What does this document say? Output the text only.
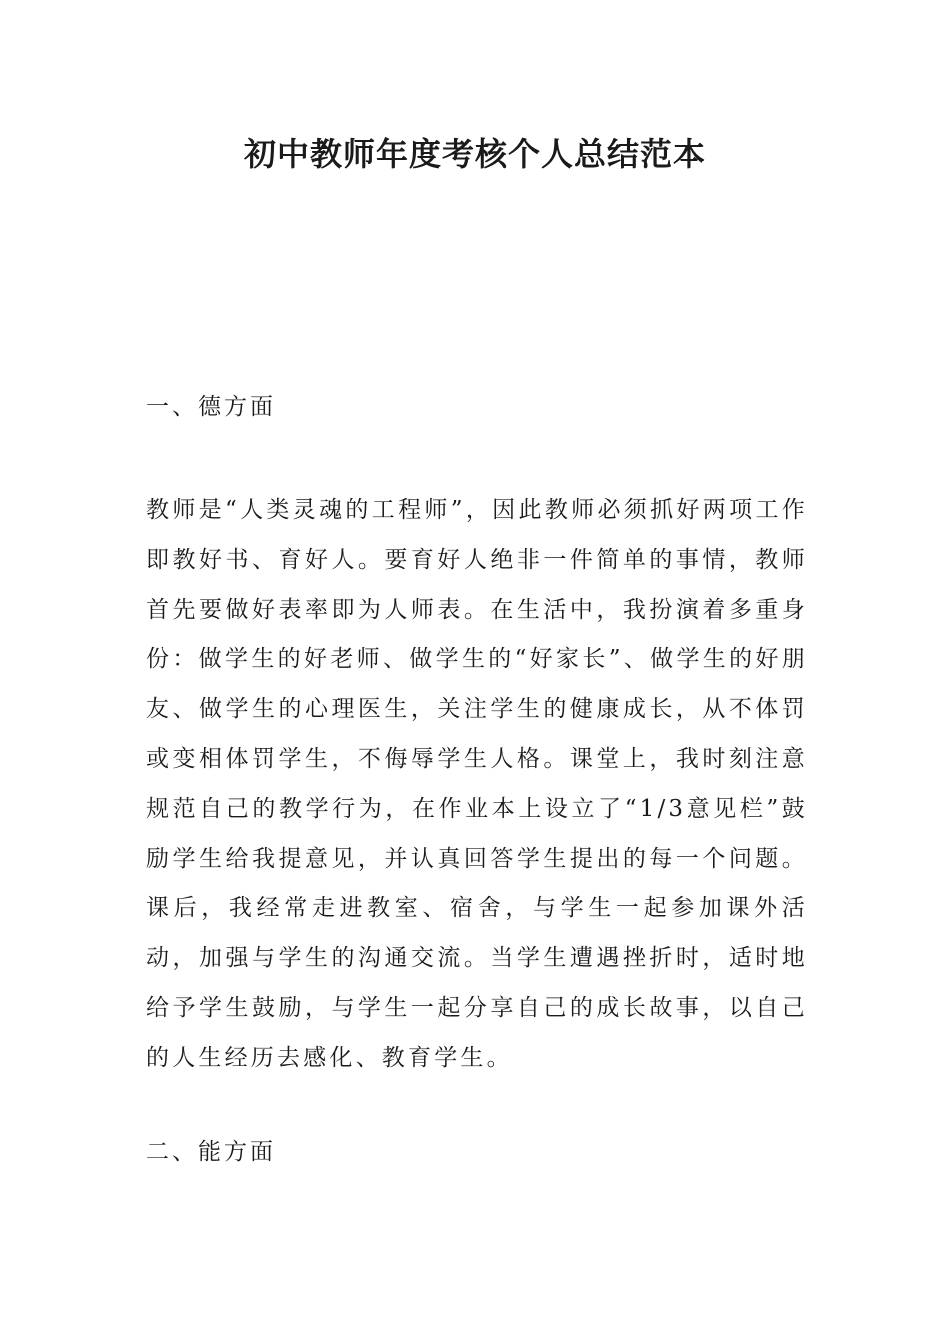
初中教师年度考核个人总结范本
一、德方面

教师是“人类灵魂的工程师”，因此教师必须抓好两项工作即教好书、育好人。要育好人绝非一件简单的事情，教师首先要做好表率即为人师表。在生活中，我扮演着多重身份：做学生的好老师、做学生的“好家长”、做学生的好朋友、做学生的心理医生，关注学生的健康成长，从不体罚或变相体罚学生，不侮辱学生人格。课堂上，我时刻注意规范自己的教学行为，在作业本上设立了“1/3意见栏”鼓励学生给我提意见，并认真回答学生提出的每一个问题。课后，我经常走进教室、宿舍，与学生一起参加课外活动，加强与学生的沟通交流。当学生遭遇挫折时，适时地给予学生鼓励，与学生一起分享自己的成长故事，以自己的人生经历去感化、教育学生。

二、能方面
